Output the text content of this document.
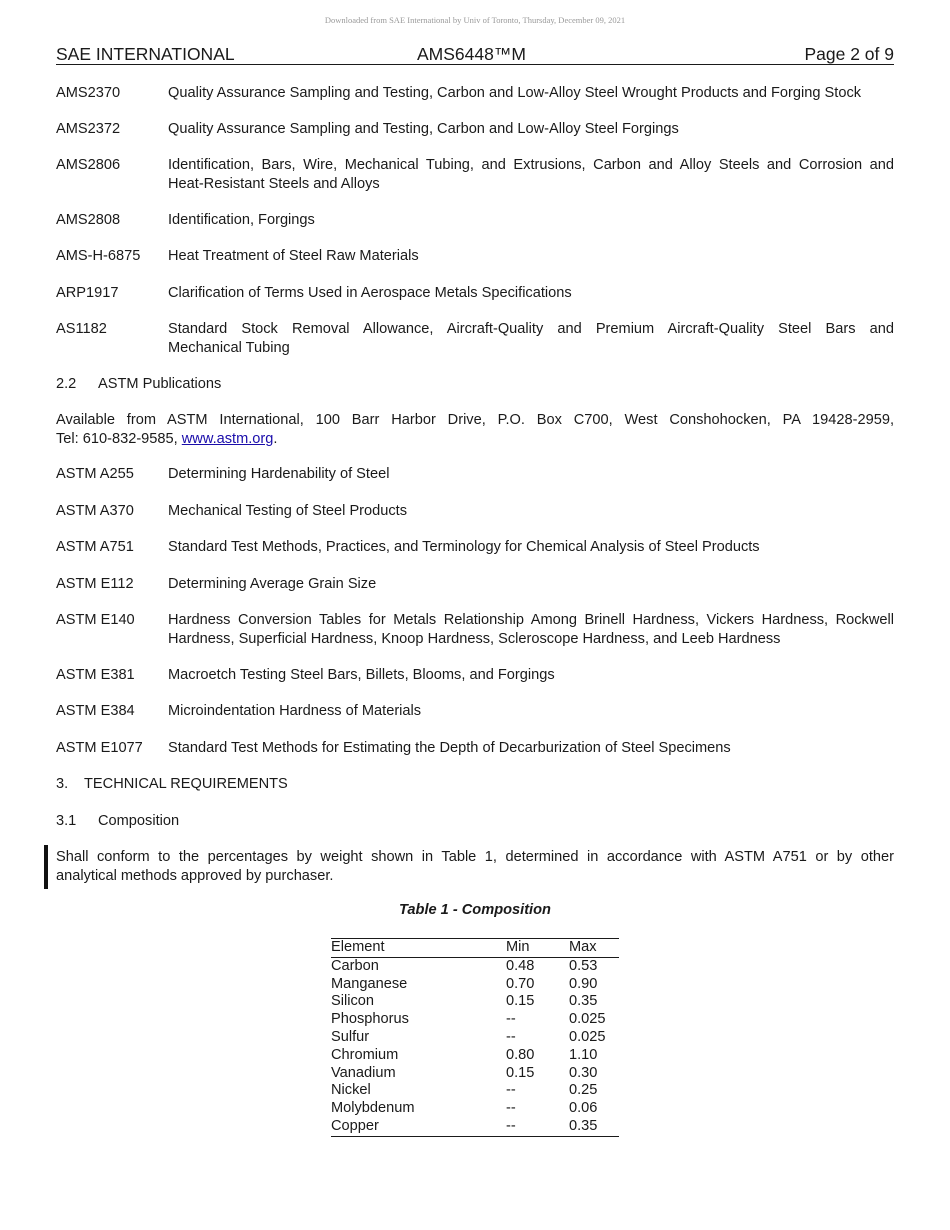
Downloaded from SAE International by Univ of Toronto, Thursday, December 09, 2021
SAE INTERNATIONAL	AMS6448™M	Page 2 of 9
AMS2370	Quality Assurance Sampling and Testing, Carbon and Low-Alloy Steel Wrought Products and Forging Stock
AMS2372	Quality Assurance Sampling and Testing, Carbon and Low-Alloy Steel Forgings
AMS2806	Identification, Bars, Wire, Mechanical Tubing, and Extrusions, Carbon and Alloy Steels and Corrosion and
Heat-Resistant Steels and Alloys
AMS2808	Identification, Forgings
AMS-H-6875 Heat Treatment of Steel Raw Materials
ARP1917	Clarification of Terms Used in Aerospace Metals Specifications
AS1182	Standard Stock Removal Allowance, Aircraft-Quality and Premium Aircraft-Quality Steel Bars and
Mechanical Tubing
2.2 ASTM Publications
Available from ASTM International, 100 Barr Harbor Drive, P.O. Box C700, West Conshohocken, PA 19428-2959,
Tel: 610-832-9585, www.astm.org.
ASTM A255 Determining Hardenability of Steel
ASTM A370 Mechanical Testing of Steel Products
ASTM A751 Standard Test Methods, Practices, and Terminology for Chemical Analysis of Steel Products
ASTM E112 Determining Average Grain Size
ASTM E140 Hardness Conversion Tables for Metals Relationship Among Brinell Hardness, Vickers Hardness, Rockwell
Hardness, Superficial Hardness, Knoop Hardness, Scleroscope Hardness, and Leeb Hardness
ASTM E381 Macroetch Testing Steel Bars, Billets, Blooms, and Forgings
ASTM E384 Microindentation Hardness of Materials
ASTM E1077 Standard Test Methods for Estimating the Depth of Decarburization of Steel Specimens
3. TECHNICAL REQUIREMENTS
3.1 Composition
Shall conform to the percentages by weight shown in Table 1, determined in accordance with ASTM A751 or by other
analytical methods approved by purchaser.
Table 1 - Composition
Element	Min	Max
Carbon	0.48	0.53
Manganese	0.70	0.90
Silicon	0.15	0.35
Phosphorus	--	0.025
Sulfur	--	0.025
Chromium	0.80	1.10
Vanadium	0.15	0.30
Nickel	--	0.25
Molybdenum	--	0.06
Copper	--	0.35
